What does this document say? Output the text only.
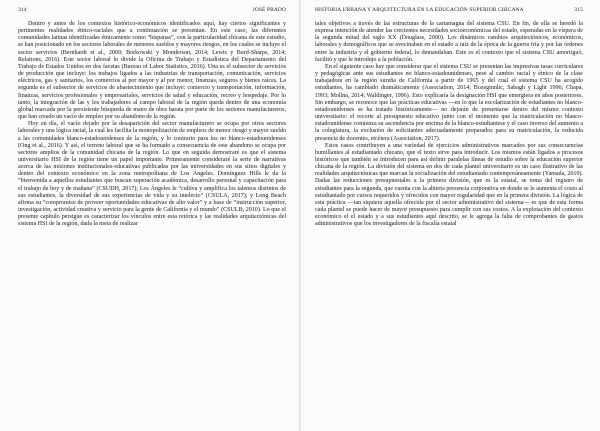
314	JOSÉ PRADO

Dentro y antes de los contextos histórico-económicos identificados aquí, hay ciertos significantes y pertinentes realidades étnico-raciales que a continuación se presentan. En este caso, las diferentes comunidades latinas identificadas étnicamente como “hispanas”, con la particularidad chicana de este estudio, se han posicionado en los sectores laborales de menores sueldos y mayores riesgos, en los cuales se incluye el sector servicios (Bernhardt et al., 2009; Borkowski y Monderson, 2014; Lewis y Burd-Sharps, 2014; Relations, 2016). Este sector laboral lo divide la Oficina de Trabajo y Estadística del Departamento del Trabajo de Estados Unidos en dos facetas (Bureau of Labor Statistics, 2016). Una es el subsector de servicios de producción que incluye: los trabajos ligados a las industrias de transportación, comunicación, servicios eléctricos, gas y sanitarios, los comercios al por mayor y al por menor, finanzas, seguros y bienes raíces. La segunda es el subsector de servicios de abastecimiento que incluye: comercio y transportación, información, finanzas, servicios profesionales y empresariales, servicios de salud y educación, recreo y hospedaje. Por lo tanto, la integración de las y los trabajadores al campo laboral de la región queda dentro de una economía global marcada por la persistente búsqueda de mano de obra barata por parte de los sectores manufactureros, que han creado un vacío de empleo por su abandono de la región.

Hoy en día, el vacío dejado por la desaparición del sector manufacturero se ocupa por otros sectores laborales y una lógica racial, la cual les facilita la monopolización de empleos de menor riesgo y mayor sueldo a las comunidades blanco-estadounidenses de la región, y lo contrario para los no blanco-estadounidenses (Ong et al., 2016). Y así, el terreno laboral que se ha formado a consecuencia de este abandono se ocupa por sectores amplios de la comunidad chicana de la región. Lo que en seguida demostraré es que el sistema universitario HSI de la región tiene un papel importante. Primeramente consideraré la serie de narrativas acerca de las misiones institucionales-educativas publicadas por las universidades en sus sitios digitales y dentro del contexto económico en la zona metropolitana de Los Ángeles. Domínguez Hills le da la “bienvenida a aquellos estudiantes que buscan superación académica, desarrollo personal y capacitación para el trabajo de hoy y de mañana” (CSUDH, 2017); Los Ángeles le “cultiva y amplifica los talentos distintos de sus estudiantes, la diversidad de sus experiencias de vida y su intelecto” (CSULA, 2017); y Long Beach afirma su “compromiso de proveer oportunidades educativas de alto valor” y a base de “instrucción superior, investigación, actividad creativa y servicio para la gente de California y el mundo” (CSULB, 2010). Lo que el presente capítulo persigue es caracterizar los vínculos entre esta retórica y las realidades arquitectónicas del sistema HSI de la región, dada la meta de realizar

HISTORIA URBANA Y ARQUITECTURA EN LA EDUCACIÓN SUPERIOR CHICANA	315

tales objetivos a través de las estructuras de la cartamagna del sistema CSU. En fin, de ella se heredó la expresa intención de atender las crecientes necesidades socioeconómicas del estado, esperadas en la víspera de la segunda mitad del siglo XX (Douglass, 2000). Los dinámicos cambios arquitectónicos, económicos, laborales y demográficos que se avecinaban en el estado a raíz de la época de la guerra fría y por las órdenes entre la industria y el gobierno federal, lo demandaban. Este es el contexto que el sistema CSU amortiguó, facilitó y que le introdujo a la población.

En el siguiente caso hay que considerar que el sistema CSU se presentan las impresivas tasas curriculares y pedagógicas ante sus estudiantes no blanco-estadounidenses, pese al cambio racial y étnico de la clase trabajadora en la región sureña de California a partir de 1965 y del cual el sistema CSU ha acogido estudiantes, ha cambiado dramáticamente (Association, 2014; Bozeginnlic, Sabagh y Light 1996; Chapa, 1993; Mollna, 2014; Waldinger, 1996). Esto explicaría la designación HSI que emergiera en años posteriores. Sin embargo, se reconoce que las prácticas educativas —en lo que la escolarización de estudiantes no blanco-estadounidenses se ha tratado históricamente— no dejarán de presentarse dentro del mismo contexto universitario: el recorte al presupuesto educativo junto con el momento que la matriculación no blanco-estadounidense comienza su ascendencia por encima de la blanco-estudiantese y el caso inverso del aumento a la colegiatura, la exclusión de solicitantes adecuadamente preparados para su matriculación, la reducida presencia de docentes, etcétera (Association, 2017).

Estos casos contribuyen a una variedad de ejercicios administrativos marcados por sus consecuencias humillantes al estudiantado chicano, que el texto sirve para introducir. Los mismos están ligados a procesos históricos que también se introducen para así definir paralelas líneas de estudio sobre la educación superior chicana de la región. La división del sistema en dos de cada plantel universitario es un caso ilustrativo de las realidades arquitectónicas que marcan la socialización del estudiantado contemporáneamente (Yamada, 2010). Dadas las reducciones presupuestales a la primera división, que es la estatal, se toma del registro de estudiantes para la segunda, que cuenta con la abierta presencia corporativa en donde se le aumenta el costo al estudiantado por cursos requeridos y ofrecidos con mayor regularidad que en la primera división. La lógica de esta práctica —tan siquiera aquella ofrecida por el sector administrativo del sistema— es que de esta forma cada plantel se puede hacer de mayor presupuesto para cumplir con sus costos. A la explotación del contexto económico el el estado y a sus estudiantes aquí descrito, se le agrega la falta de comprobantes de gastos administrativos que los investigadores de la fiscalía estatal
